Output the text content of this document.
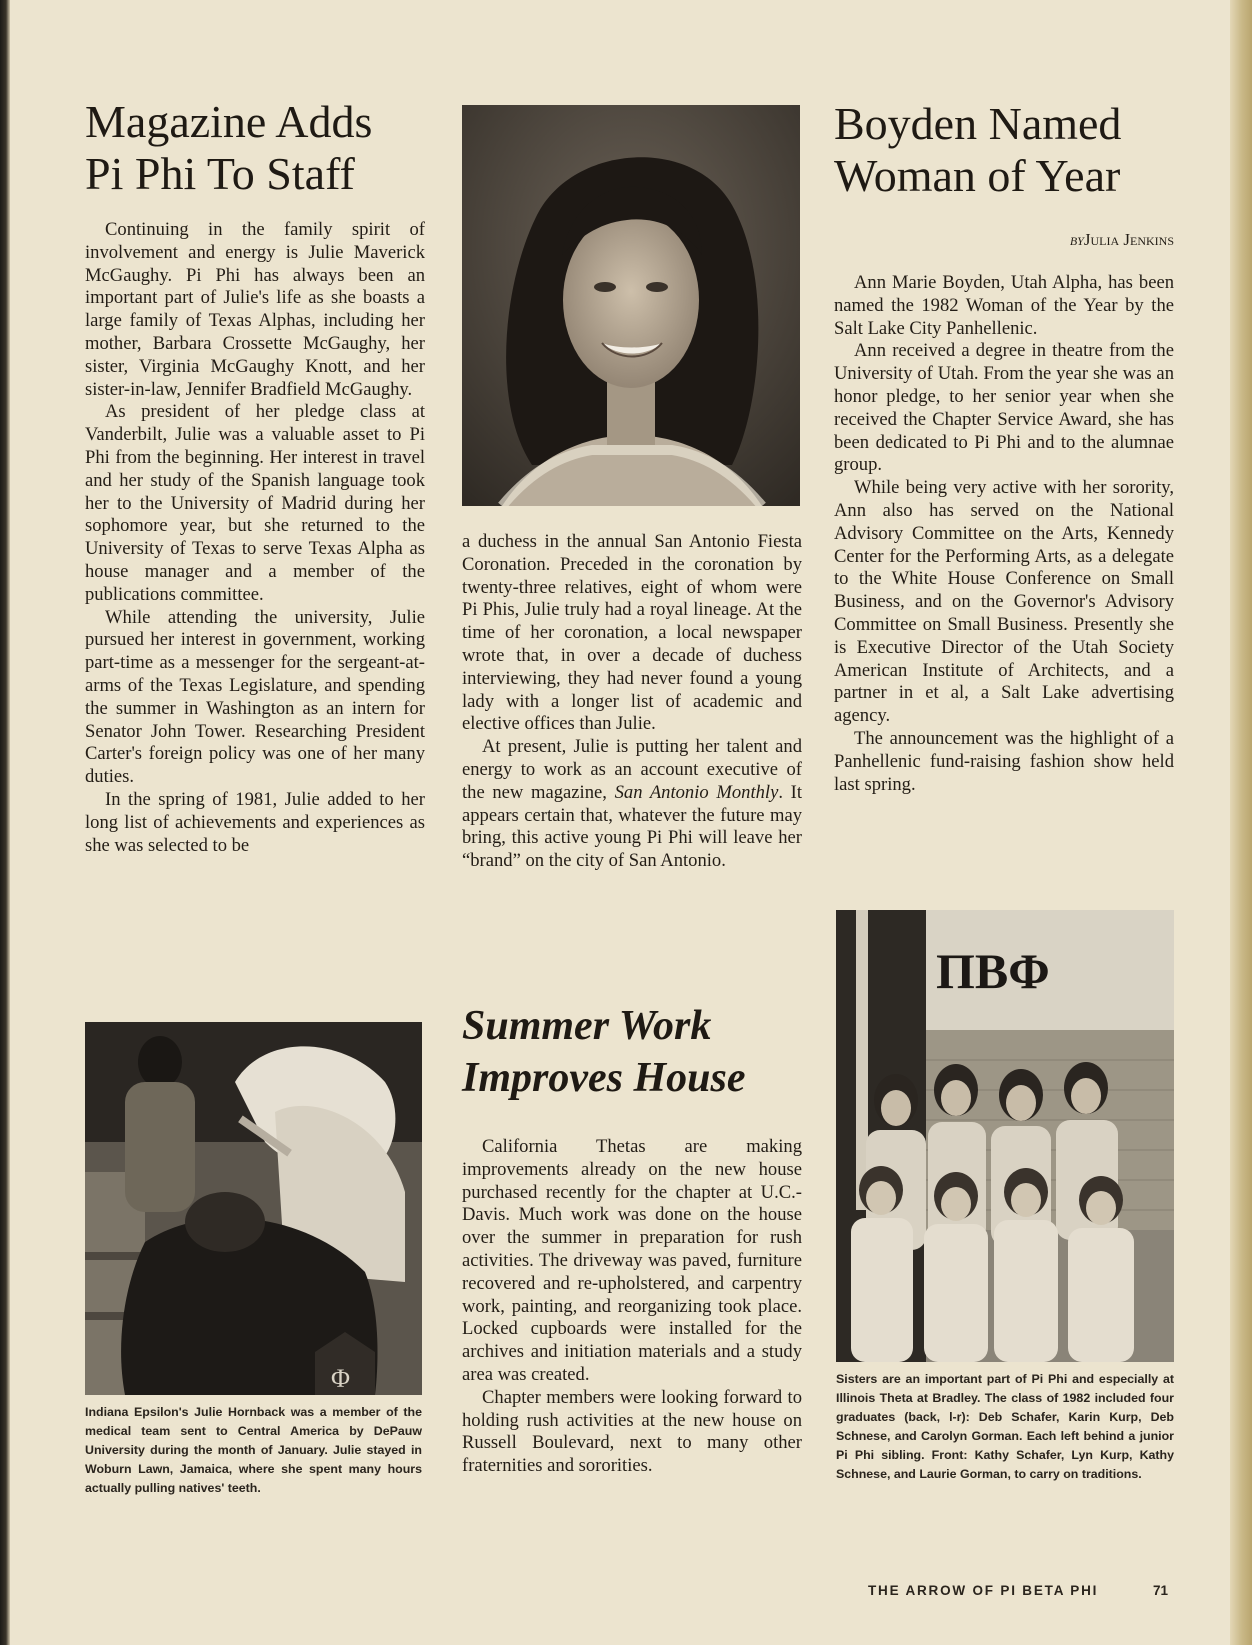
Magazine Adds
Pi Phi To Staff

Continuing in the family spirit of involvement and energy is Julie Maverick McGaughy. Pi Phi has always been an important part of Julie's life as she boasts a large family of Texas Alphas, including her mother, Barbara Crossette McGaughy, her sister, Virginia McGaughy Knott, and her sister-in-law, Jennifer Bradfield McGaughy.

As president of her pledge class at Vanderbilt, Julie was a valuable asset to Pi Phi from the beginning. Her interest in travel and her study of the Spanish language took her to the University of Madrid during her sophomore year, but she returned to the University of Texas to serve Texas Alpha as house manager and a member of the publications committee.

While attending the university, Julie pursued her interest in government, working part-time as a messenger for the sergeant-at-arms of the Texas Legislature, and spending the summer in Washington as an intern for Senator John Tower. Researching President Carter's foreign policy was one of her many duties.

In the spring of 1981, Julie added to her long list of achievements and experiences as she was selected to be

a duchess in the annual San Antonio Fiesta Coronation. Preceded in the coronation by twenty-three relatives, eight of whom were Pi Phis, Julie truly had a royal lineage. At the time of her coronation, a local newspaper wrote that, in over a decade of duchess interviewing, they had never found a young lady with a longer list of academic and elective offices than Julie.

At present, Julie is putting her talent and energy to work as an account executive of the new magazine, San Antonio Monthly. It appears certain that, whatever the future may bring, this active young Pi Phi will leave her “brand” on the city of San Antonio.

Boyden Named
Woman of Year

byJulia Jenkins

Ann Marie Boyden, Utah Alpha, has been named the 1982 Woman of the Year by the Salt Lake City Panhellenic.

Ann received a degree in theatre from the University of Utah. From the year she was an honor pledge, to her senior year when she received the Chapter Service Award, she has been dedicated to Pi Phi and to the alumnae group.

While being very active with her sorority, Ann also has served on the National Advisory Committee on the Arts, Kennedy Center for the Performing Arts, as a delegate to the White House Conference on Small Business, and on the Governor's Advisory Committee on Small Business. Presently she is Executive Director of the Utah Society American Institute of Architects, and a partner in et al, a Salt Lake advertising agency.

The announcement was the highlight of a Panhellenic fund-raising fashion show held last spring.

Φ

Indiana Epsilon's Julie Hornback was a member of the medical team sent to Central America by DePauw University during the month of January. Julie stayed in Woburn Lawn, Jamaica, where she spent many hours actually pulling natives' teeth.

Summer Work
Improves House

California Thetas are making improvements already on the new house purchased recently for the chapter at U.C.-Davis. Much work was done on the house over the summer in preparation for rush activities. The driveway was paved, furniture recovered and re-upholstered, and carpentry work, painting, and reorganizing took place. Locked cupboards were installed for the archives and initiation materials and a study area was created.

Chapter members were looking forward to holding rush activities at the new house on Russell Boulevard, next to many other fraternities and sororities.

ΠΒΦ

Sisters are an important part of Pi Phi and especially at Illinois Theta at Bradley. The class of 1982 included four graduates (back, l-r): Deb Schafer, Karin Kurp, Deb Schnese, and Carolyn Gorman. Each left behind a junior Pi Phi sibling. Front: Kathy Schafer, Lyn Kurp, Kathy Schnese, and Laurie Gorman, to carry on traditions.

THE ARROW OF PI BETA PHI	71
